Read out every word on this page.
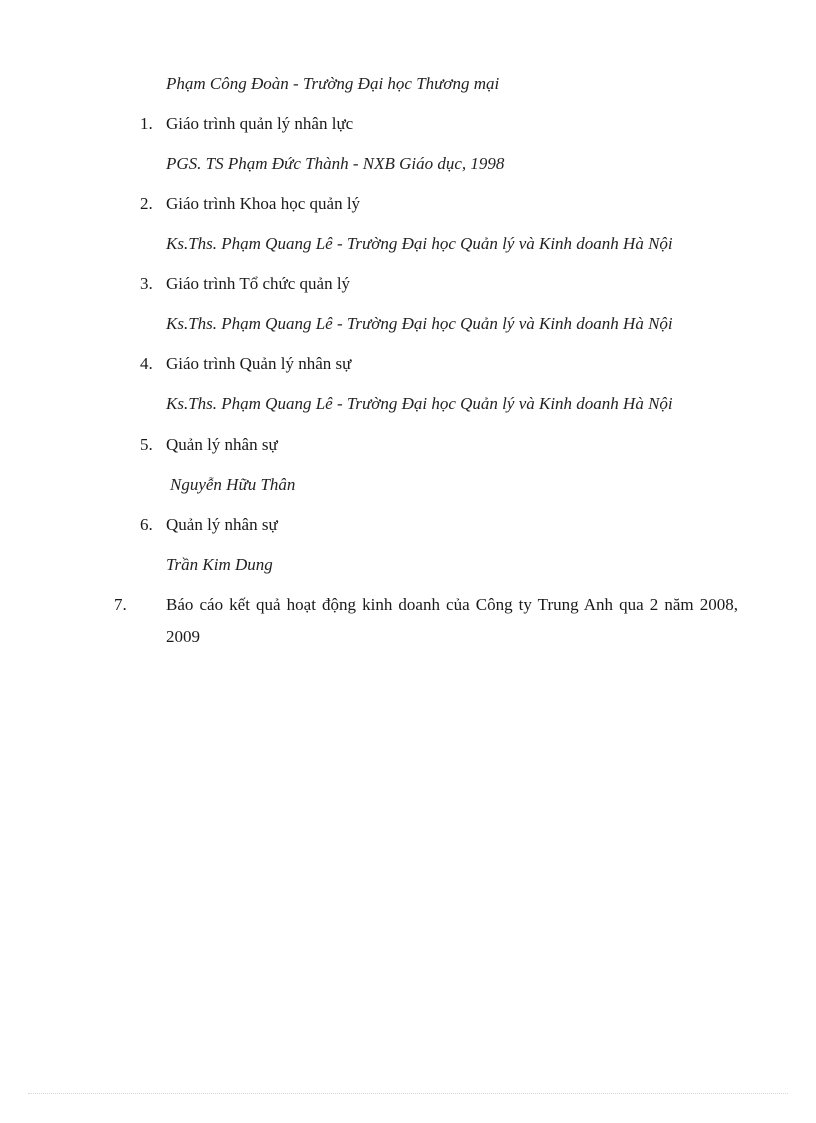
Phạm Công Đoàn - Trường Đại học Thương mại
1. Giáo trình quản lý nhân lực
PGS. TS Phạm Đức Thành - NXB Giáo dục, 1998
2. Giáo trình Khoa học quản lý
Ks.Ths. Phạm Quang Lê - Trường Đại học Quản lý và Kinh doanh Hà Nội
3. Giáo trình Tổ chức quản lý
Ks.Ths. Phạm Quang Lê - Trường Đại học Quản lý và Kinh doanh Hà Nội
4. Giáo trình Quản lý nhân sự
Ks.Ths. Phạm Quang Lê - Trường Đại học Quản lý và Kinh doanh Hà Nội
5. Quản lý nhân sự
Nguyễn Hữu Thân
6. Quản lý nhân sự
Trần Kim Dung
7. Báo cáo kết quả hoạt động kinh doanh của Công ty Trung Anh qua 2 năm 2008, 2009
